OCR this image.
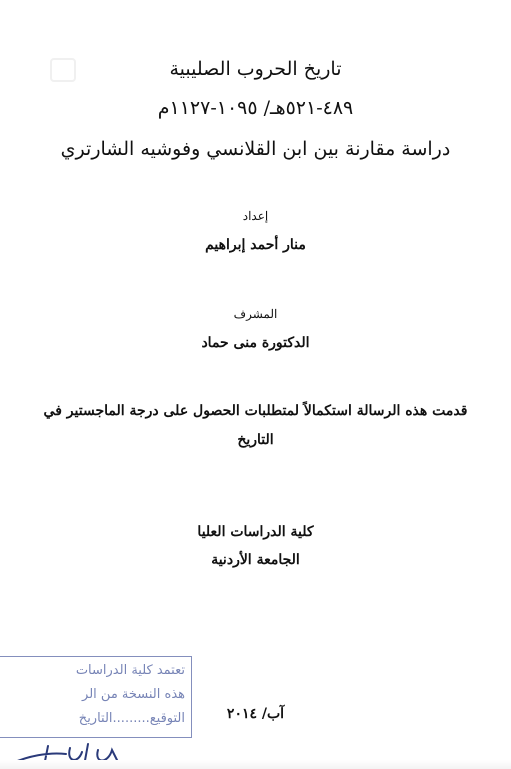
تاريخ الحروب الصليبية
٤٨٩-٥٢١هـ/ ١٠٩٥-١١٢٧م
دراسة مقارنة بين ابن القلانسي وفوشيه الشارتري
إعداد
منار أحمد إبراهيم
المشرف
الدكتورة منى حماد
قدمت هذه الرسالة استكمالاً لمتطلبات الحصول على درجة الماجستير في
التاريخ
كلية الدراسات العليا
الجامعة الأردنية
آب/ ٢٠١٤
تعتمد كلية الدراسات
هذه النسخة من الر
التوقيع.........التاريخ
